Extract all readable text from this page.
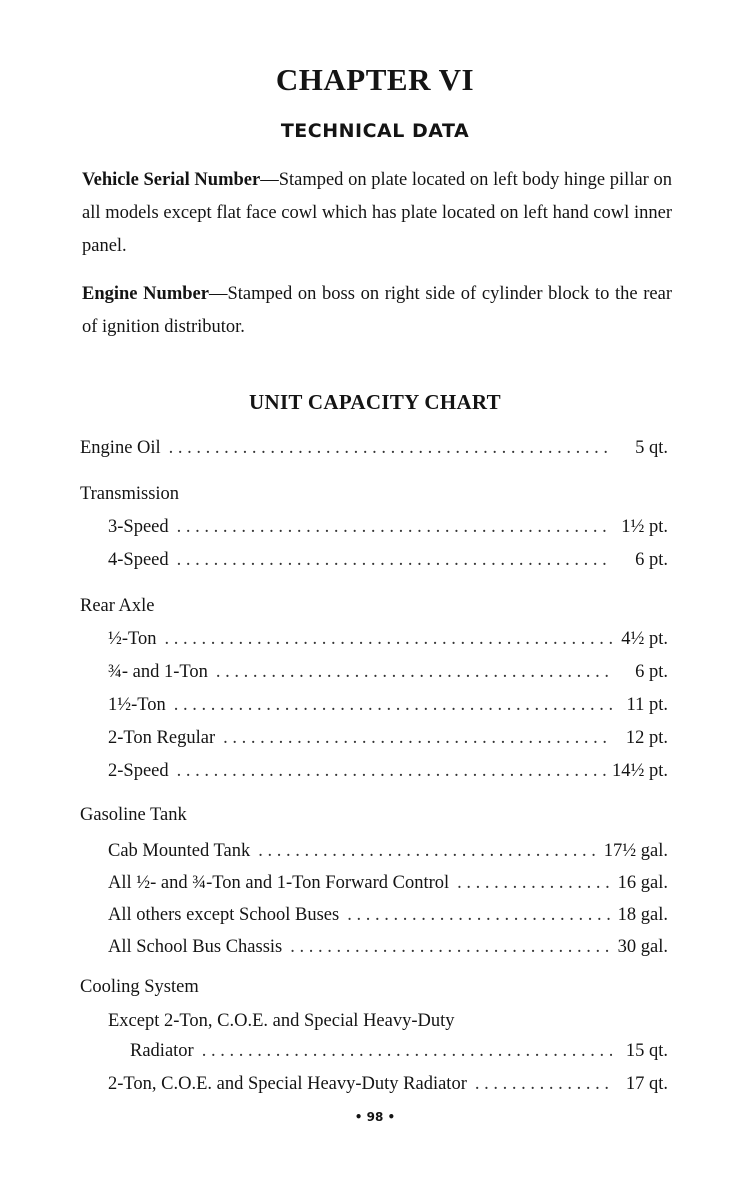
CHAPTER VI
TECHNICAL DATA
Vehicle Serial Number—Stamped on plate located on left body hinge pillar on all models except flat face cowl which has plate located on left hand cowl inner panel.
Engine Number—Stamped on boss on right side of cylinder block to the rear of ignition distributor.
UNIT CAPACITY CHART
Engine Oil . . .	5 qt.
Transmission
3-Speed . . .	1½ pt.
4-Speed . . .	6 pt.
Rear Axle
½-Ton . . .	4½ pt.
¾- and 1-Ton . . .	6 pt.
1½-Ton . . .	11 pt.
2-Ton Regular . . .	12 pt.
2-Speed . . .	14½ pt.
Gasoline Tank
Cab Mounted Tank . . .	17½ gal.
All ½- and ¾-Ton and 1-Ton Forward Control . . .	16 gal.
All others except School Buses . . .	18 gal.
All School Bus Chassis . . .	30 gal.
Cooling System
Except 2-Ton, C.O.E. and Special Heavy-Duty
Radiator . . .	15 qt.
2-Ton, C.O.E. and Special Heavy-Duty Radiator . . .	17 qt.
• 98 •
